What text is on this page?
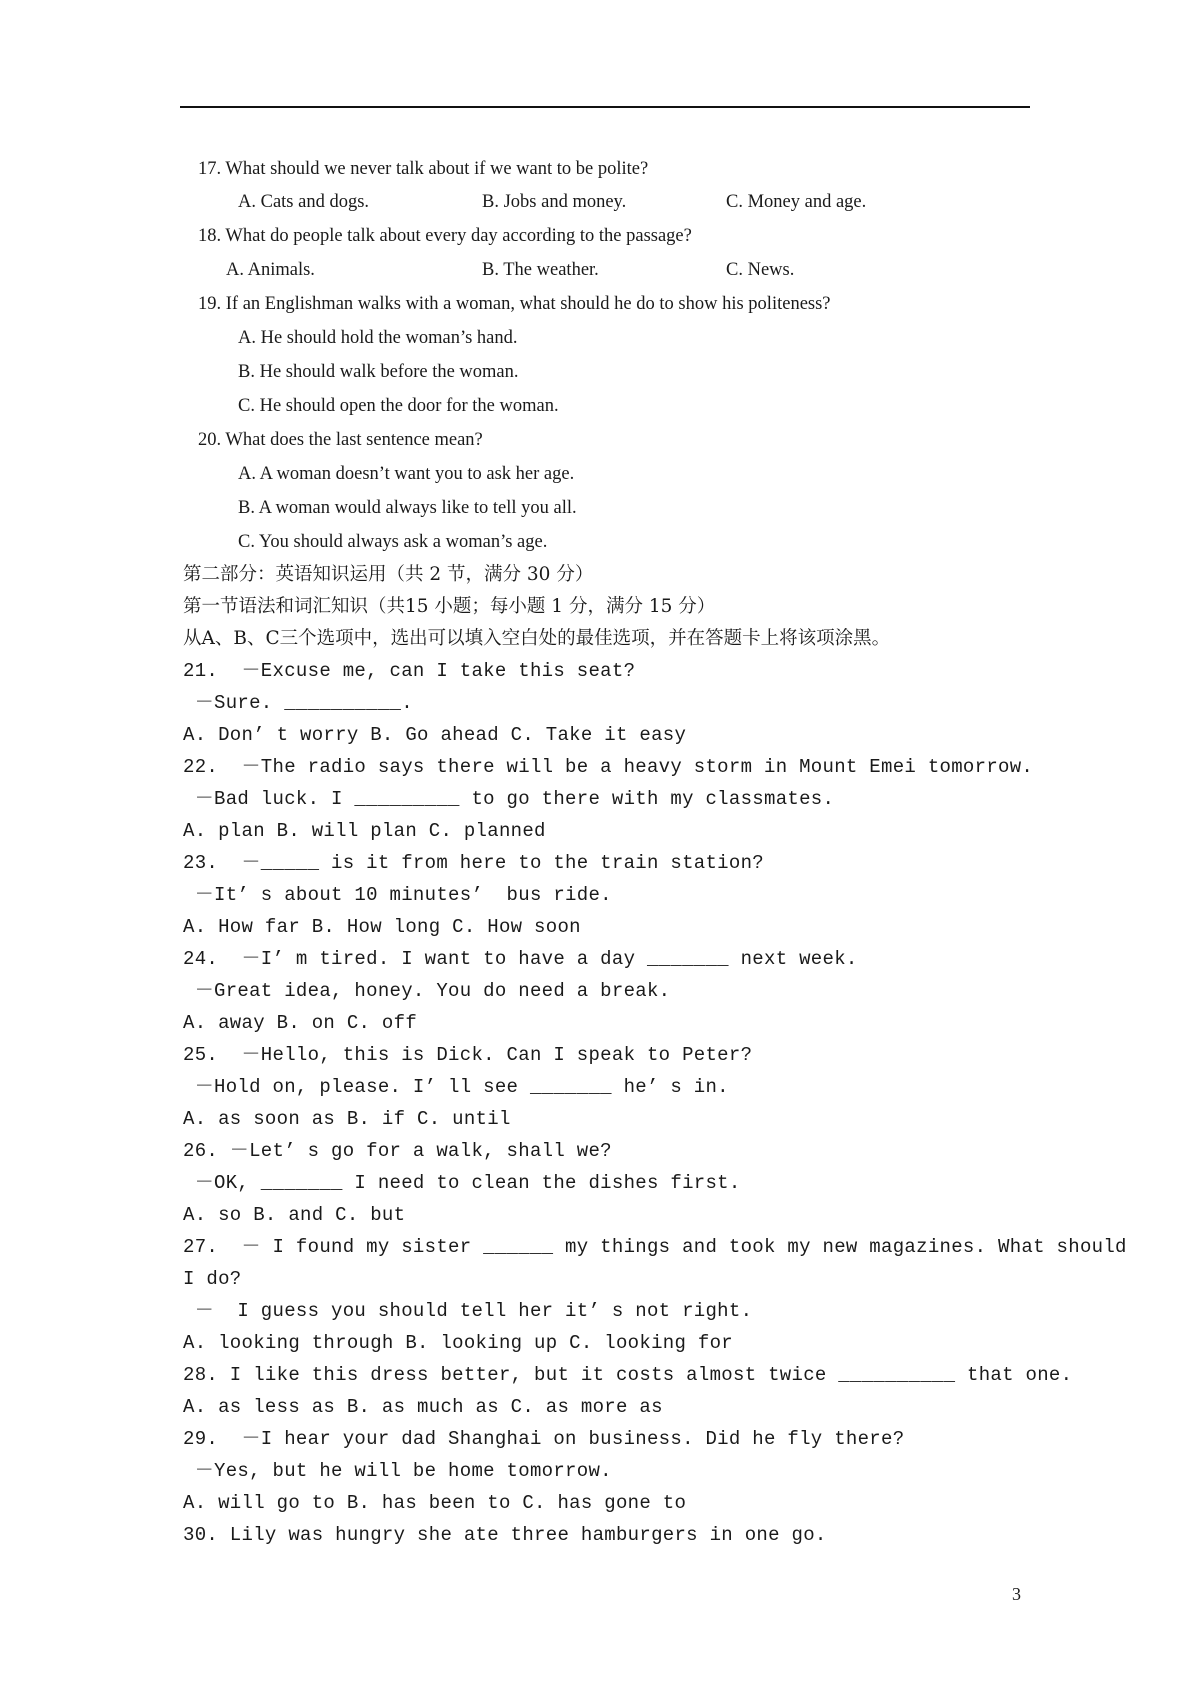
17. What should we never talk about if we want to be polite?
A. Cats and dogs.	B. Jobs and money.	C. Money and age.
18. What do people talk about every day according to the passage?
A. Animals.	B. The weather.	C. News.
19. If an Englishman walks with a woman, what should he do to show his politeness?
A. He should hold the woman’s hand.
B. He should walk before the woman.
C. He should open the door for the woman.
20. What does the last sentence mean?
A. A woman doesn’t want you to ask her age.
B. A woman would always like to tell you all.
C. You should always ask a woman’s age.
第二部分：英语知识运用（共 2 节，满分 30 分）
第一节语法和词汇知识（共15 小题；每小题 1 分，满分 15 分）
从A、B、C三个选项中，选出可以填入空白处的最佳选项，并在答题卡上将该项涂黑。
21.  －Excuse me, can I take this seat?
－Sure. __________.
A. Don’ t worry B. Go ahead C. Take it easy
22.  －The radio says there will be a heavy storm in Mount Emei tomorrow.
－Bad luck. I _________ to go there with my classmates.
A. plan B. will plan C. planned
23.  －_____ is it from here to the train station?
－It’ s about 10 minutes’  bus ride.
A. How far B. How long C. How soon
24.  －I’ m tired. I want to have a day _______ next week.
－Great idea, honey. You do need a break.
A. away B. on C. off
25.  －Hello, this is Dick. Can I speak to Peter?
－Hold on, please. I’ ll see _______ he’ s in.
A. as soon as B. if C. until
26. －Let’ s go for a walk, shall we?
－OK, _______ I need to clean the dishes first.
A. so B. and C. but
27.  － I found my sister ______ my things and took my new magazines. What should
I do?
－  I guess you should tell her it’ s not right.
A. looking through B. looking up C. looking for
28. I like this dress better, but it costs almost twice __________ that one.
A. as less as B. as much as C. as more as
29.  －I hear your dad Shanghai on business. Did he fly there?
－Yes, but he will be home tomorrow.
A. will go to B. has been to C. has gone to
30. Lily was hungry she ate three hamburgers in one go.
3
